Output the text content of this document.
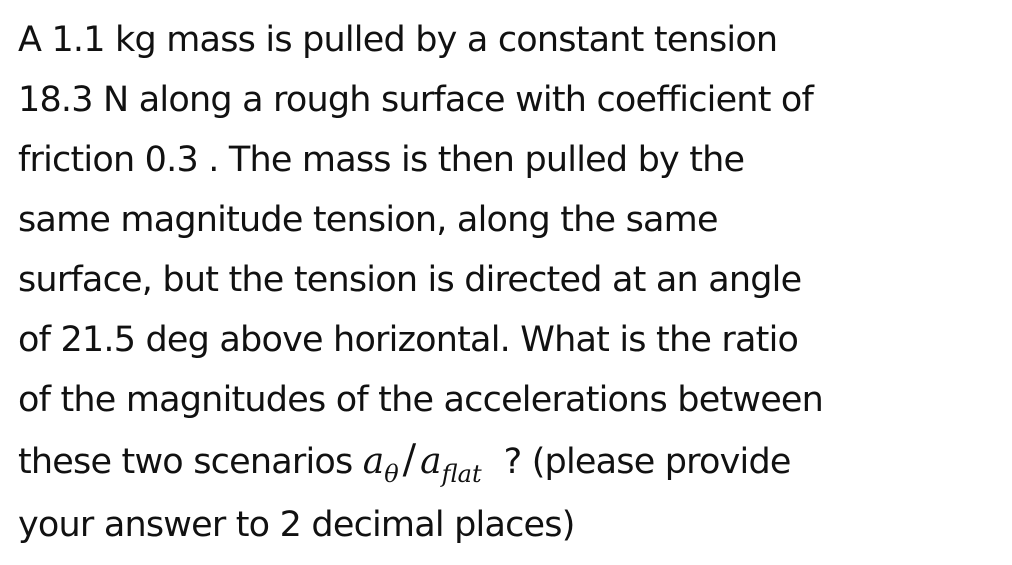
A 1.1 kg mass is pulled by a constant tension
18.3 N along a rough surface with coefficient of
friction 0.3 . The mass is then pulled by the
same magnitude tension, along the same
surface, but the tension is directed at an angle
of 21.5 deg above horizontal. What is the ratio
of the magnitudes of the accelerations between
these two scenarios $a_\theta / a_{flat}$ ? (please provide
your answer to 2 decimal places)
